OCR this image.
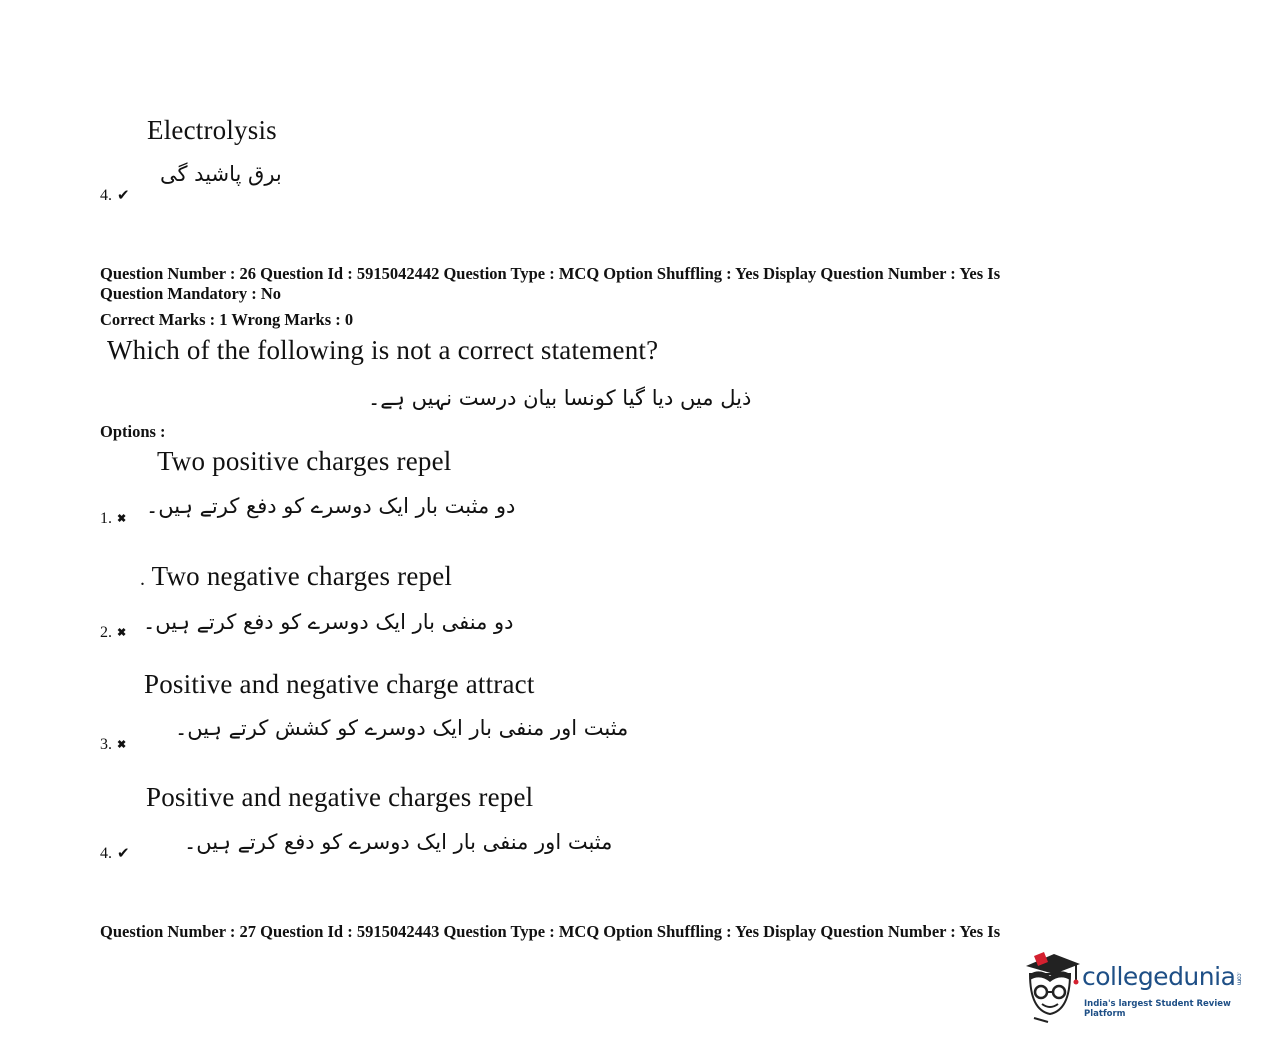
Electrolysis
برق پاشید گی
4. ✔
Question Number : 26 Question Id : 5915042442 Question Type : MCQ Option Shuffling : Yes Display Question Number : Yes Is
Question Mandatory : No
Correct Marks : 1 Wrong Marks : 0
Which of the following is not a correct statement?
ذیل میں دیا گیا کونسا بیان درست نہیں ہے۔
Options :
Two positive charges repel
دو مثبت بار ایک دوسرے کو دفع کرتے ہیں۔
1. ✖
. Two negative charges repel
دو منفی بار ایک دوسرے کو دفع کرتے ہیں۔
2. ✖
Positive and negative charge attract
مثبت اور منفی بار ایک دوسرے کو کشش کرتے ہیں۔
3. ✖
Positive and negative charges repel
مثبت اور منفی بار ایک دوسرے کو دفع کرتے ہیں۔
4. ✔
Question Number : 27 Question Id : 5915042443 Question Type : MCQ Option Shuffling : Yes Display Question Number : Yes Is
collegedunia.com
India's largest Student Review Platform
